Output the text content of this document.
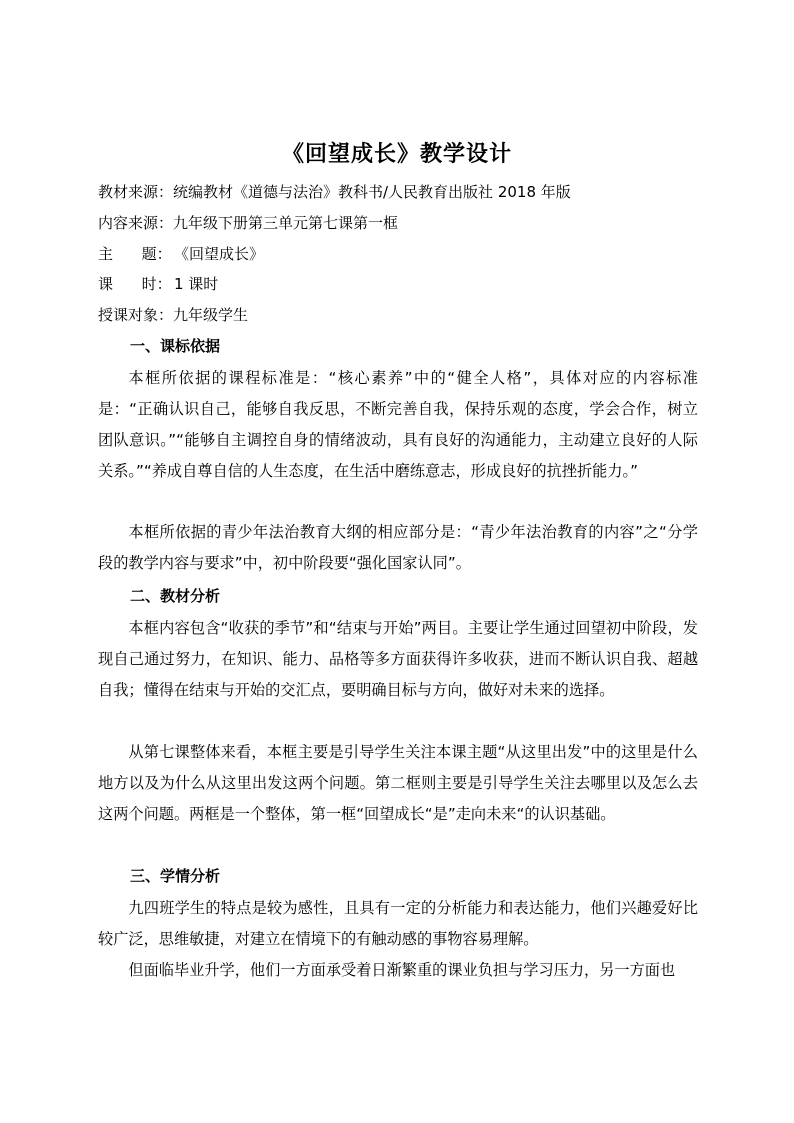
《回望成长》教学设计
教材来源：统编教材《道德与法治》教科书/人民教育出版社 2018 年版
内容来源：九年级下册第三单元第七课第一框
主      题： 《回望成长》
课      时： 1 课时
授课对象：九年级学生
一、课标依据
本框所依据的课程标准是：“核心素养”中的“健全人格”，具体对应的内容标准是：“正确认识自己，能够自我反思，不断完善自我，保持乐观的态度，学会合作，树立团队意识。”“能够自主调控自身的情绪波动，具有良好的沟通能力，主动建立良好的人际关系。”“养成自尊自信的人生态度，在生活中磨练意志，形成良好的抗挫折能力。”
本框所依据的青少年法治教育大纲的相应部分是：“青少年法治教育的内容”之“分学段的教学内容与要求”中，初中阶段要“强化国家认同”。
二、教材分析
本框内容包含“收获的季节”和“结束与开始”两目。主要让学生通过回望初中阶段，发现自己通过努力，在知识、能力、品格等多方面获得许多收获，进而不断认识自我、超越自我；懂得在结束与开始的交汇点，要明确目标与方向，做好对未来的选择。
从第七课整体来看，本框主要是引导学生关注本课主题“从这里出发”中的这里是什么地方以及为什么从这里出发这两个问题。第二框则主要是引导学生关注去哪里以及怎么去这两个问题。两框是一个整体，第一框“回望成长“是”走向未来“的认识基础。
三、学情分析
九四班学生的特点是较为感性，且具有一定的分析能力和表达能力，他们兴趣爱好比较广泛，思维敏捷，对建立在情境下的有触动感的事物容易理解。
但面临毕业升学，他们一方面承受着日渐繁重的课业负担与学习压力，另一方面也
